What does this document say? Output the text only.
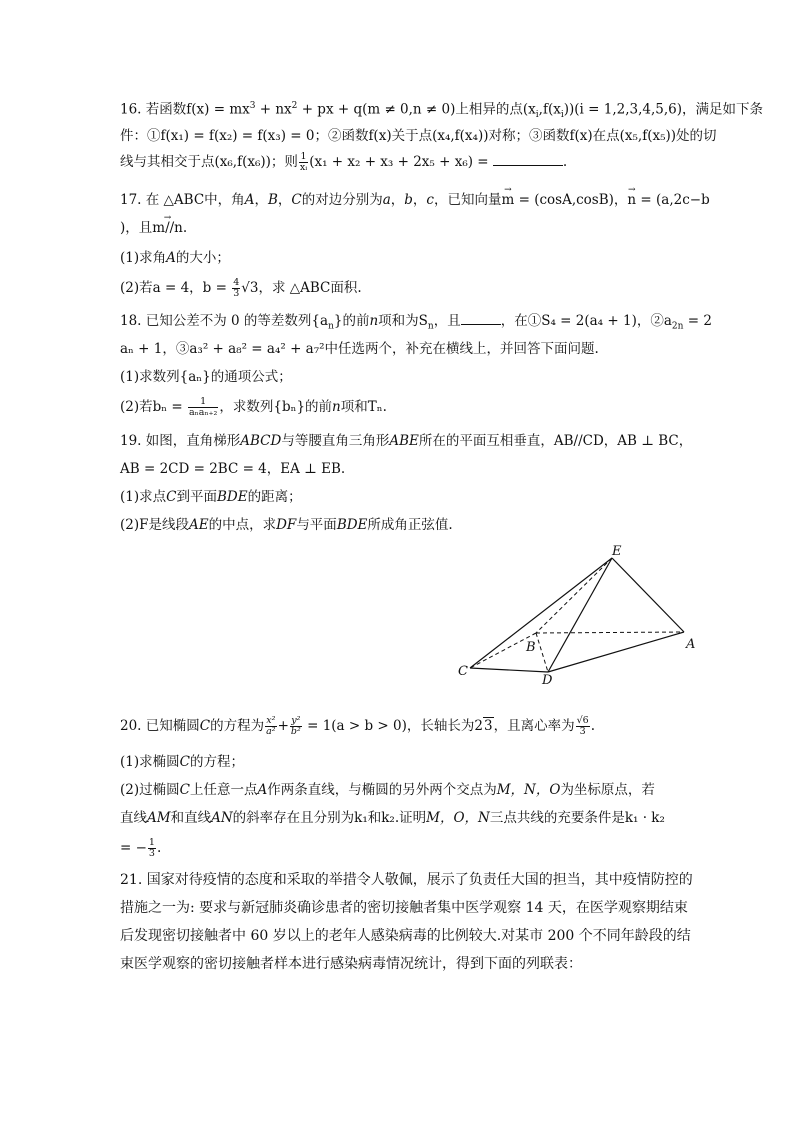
16. 若函数$f(x) = mx^3 + nx^2$ + px + q(m ≠ 0,n ≠ 0)上相异的点$(x_i,f(x_i))(i = 1,2,3,4,5,6)$，满足如下条
件：①f(x₁) = f(x₂) = f(x₃) = 0；②函数f(x)关于点(x₄,f(x₄))对称；③函数f(x)在点(x₅,f(x₅))处的切
线与其相交于点(x₆,f(x₆))；则 $\frac{1}{\text{xᵢ}} (x_1 + x_2 + x_3 + 2x_5 + x_6)$ =	.
17. 在 △ABC中，角A，B，C的对边分别为a，b，c，已知向量→ m = (cosA,cosB)，→ n = (a,2c−b
)，且→ m//n.
(1)求角A的大小；
(2)若a = 4，$b = \frac{4}{3} √3$，求 △ABC面积.
18. 已知公差不为 0 的等差数列$\{a_n\}$的前n项和为$S_n$，且	，在①S₄ = 2(a₄ + 1)，$②a_{2n} = 2$
aₙ + 1，③a₃² + a₈² = a₄² + a₇²中任选两个，补充在横线上，并回答下面问题.
(1)求数列{aₙ}的通项公式；
(2)若$b_n = \frac{1}{\text{aₙaₙ₊₂}}$ ，求数列{bₙ}的前n项和Tₙ.
19. 如图，直角梯形ABCD与等腰直角三角形ABE所在的平面互相垂直，AB//CD，AB ⊥ BC，
AB = 2CD = 2BC = 4，EA ⊥ EB.
(1)求点C到平面BDE的距离；
(2)F是线段AE的中点，求DF与平面BDE所成角正弦值.
E
A
B
C
D
20. 已知椭圆C的方程为 $\frac{\text{x²}}{\text{a²}} + \frac{\text{y²}}{\text{b²}} = 1(a > b > 0)$，长轴长为23，且离心率为 $\frac{√6}{3}$ .
(1)求椭圆C的方程；
(2)过椭圆C上任意一点A作两条直线，与椭圆的另外两个交点为M，N，O为坐标原点，若
直线AM和直线AN的斜率存在且分别为k₁和k₂.证明M，O，N三点共线的充要条件是k₁ · k₂
= − $\frac{1}{3}$ .
21. 国家对待疫情的态度和采取的举措令人敬佩，展示了负责任大国的担当，其中疫情防控的
措施之一为: 要求与新冠肺炎确诊患者的密切接触者集中医学观察 14 天，在医学观察期结束
后发现密切接触者中 60 岁以上的老年人感染病毒的比例较大.对某市 200 个不同年龄段的结
束医学观察的密切接触者样本进行感染病毒情况统计，得到下面的列联表：
